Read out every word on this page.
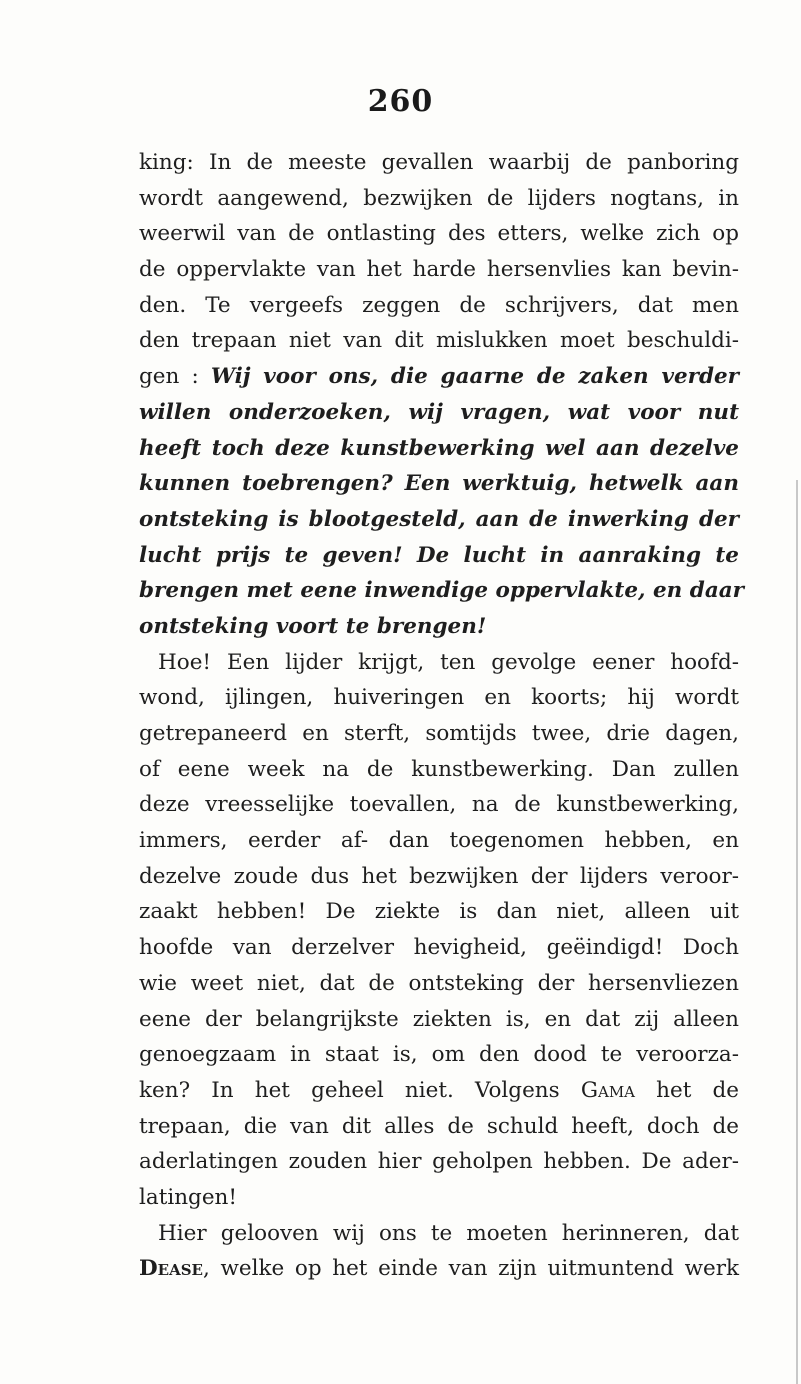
260
king: In de meeste gevallen waarbij de panboring
wordt aangewend, bezwijken de lijders nogtans, in
weerwil van de ontlasting des etters, welke zich op
de oppervlakte van het harde hersenvlies kan bevin-
den. Te vergeefs zeggen de schrijvers, dat men
den trepaan niet van dit mislukken moet beschuldi-
gen : Wij voor ons, die gaarne de zaken verder
willen onderzoeken, wij vragen, wat voor nut
heeft toch deze kunstbewerking wel aan dezelve
kunnen toebrengen? Een werktuig, hetwelk aan
ontsteking is blootgesteld, aan de inwerking der
lucht prijs te geven! De lucht in aanraking te
brengen met eene inwendige oppervlakte, en daar
ontsteking voort te brengen!
Hoe! Een lijder krijgt, ten gevolge eener hoofd-
wond, ijlingen, huiveringen en koorts; hij wordt
getrepaneerd en sterft, somtijds twee, drie dagen,
of eene week na de kunstbewerking. Dan zullen
deze vreesselijke toevallen, na de kunstbewerking,
immers, eerder af- dan toegenomen hebben, en
dezelve zoude dus het bezwijken der lijders veroor-
zaakt hebben! De ziekte is dan niet, alleen uit
hoofde van derzelver hevigheid, geëindigd! Doch
wie weet niet, dat de ontsteking der hersenvliezen
eene der belangrijkste ziekten is, en dat zij alleen
genoegzaam in staat is, om den dood te veroorza-
ken? In het geheel niet. Volgens Gama het de
trepaan, die van dit alles de schuld heeft, doch de
aderlatingen zouden hier geholpen hebben. De ader-
latingen!
Hier gelooven wij ons te moeten herinneren, dat
Dease, welke op het einde van zijn uitmuntend werk
